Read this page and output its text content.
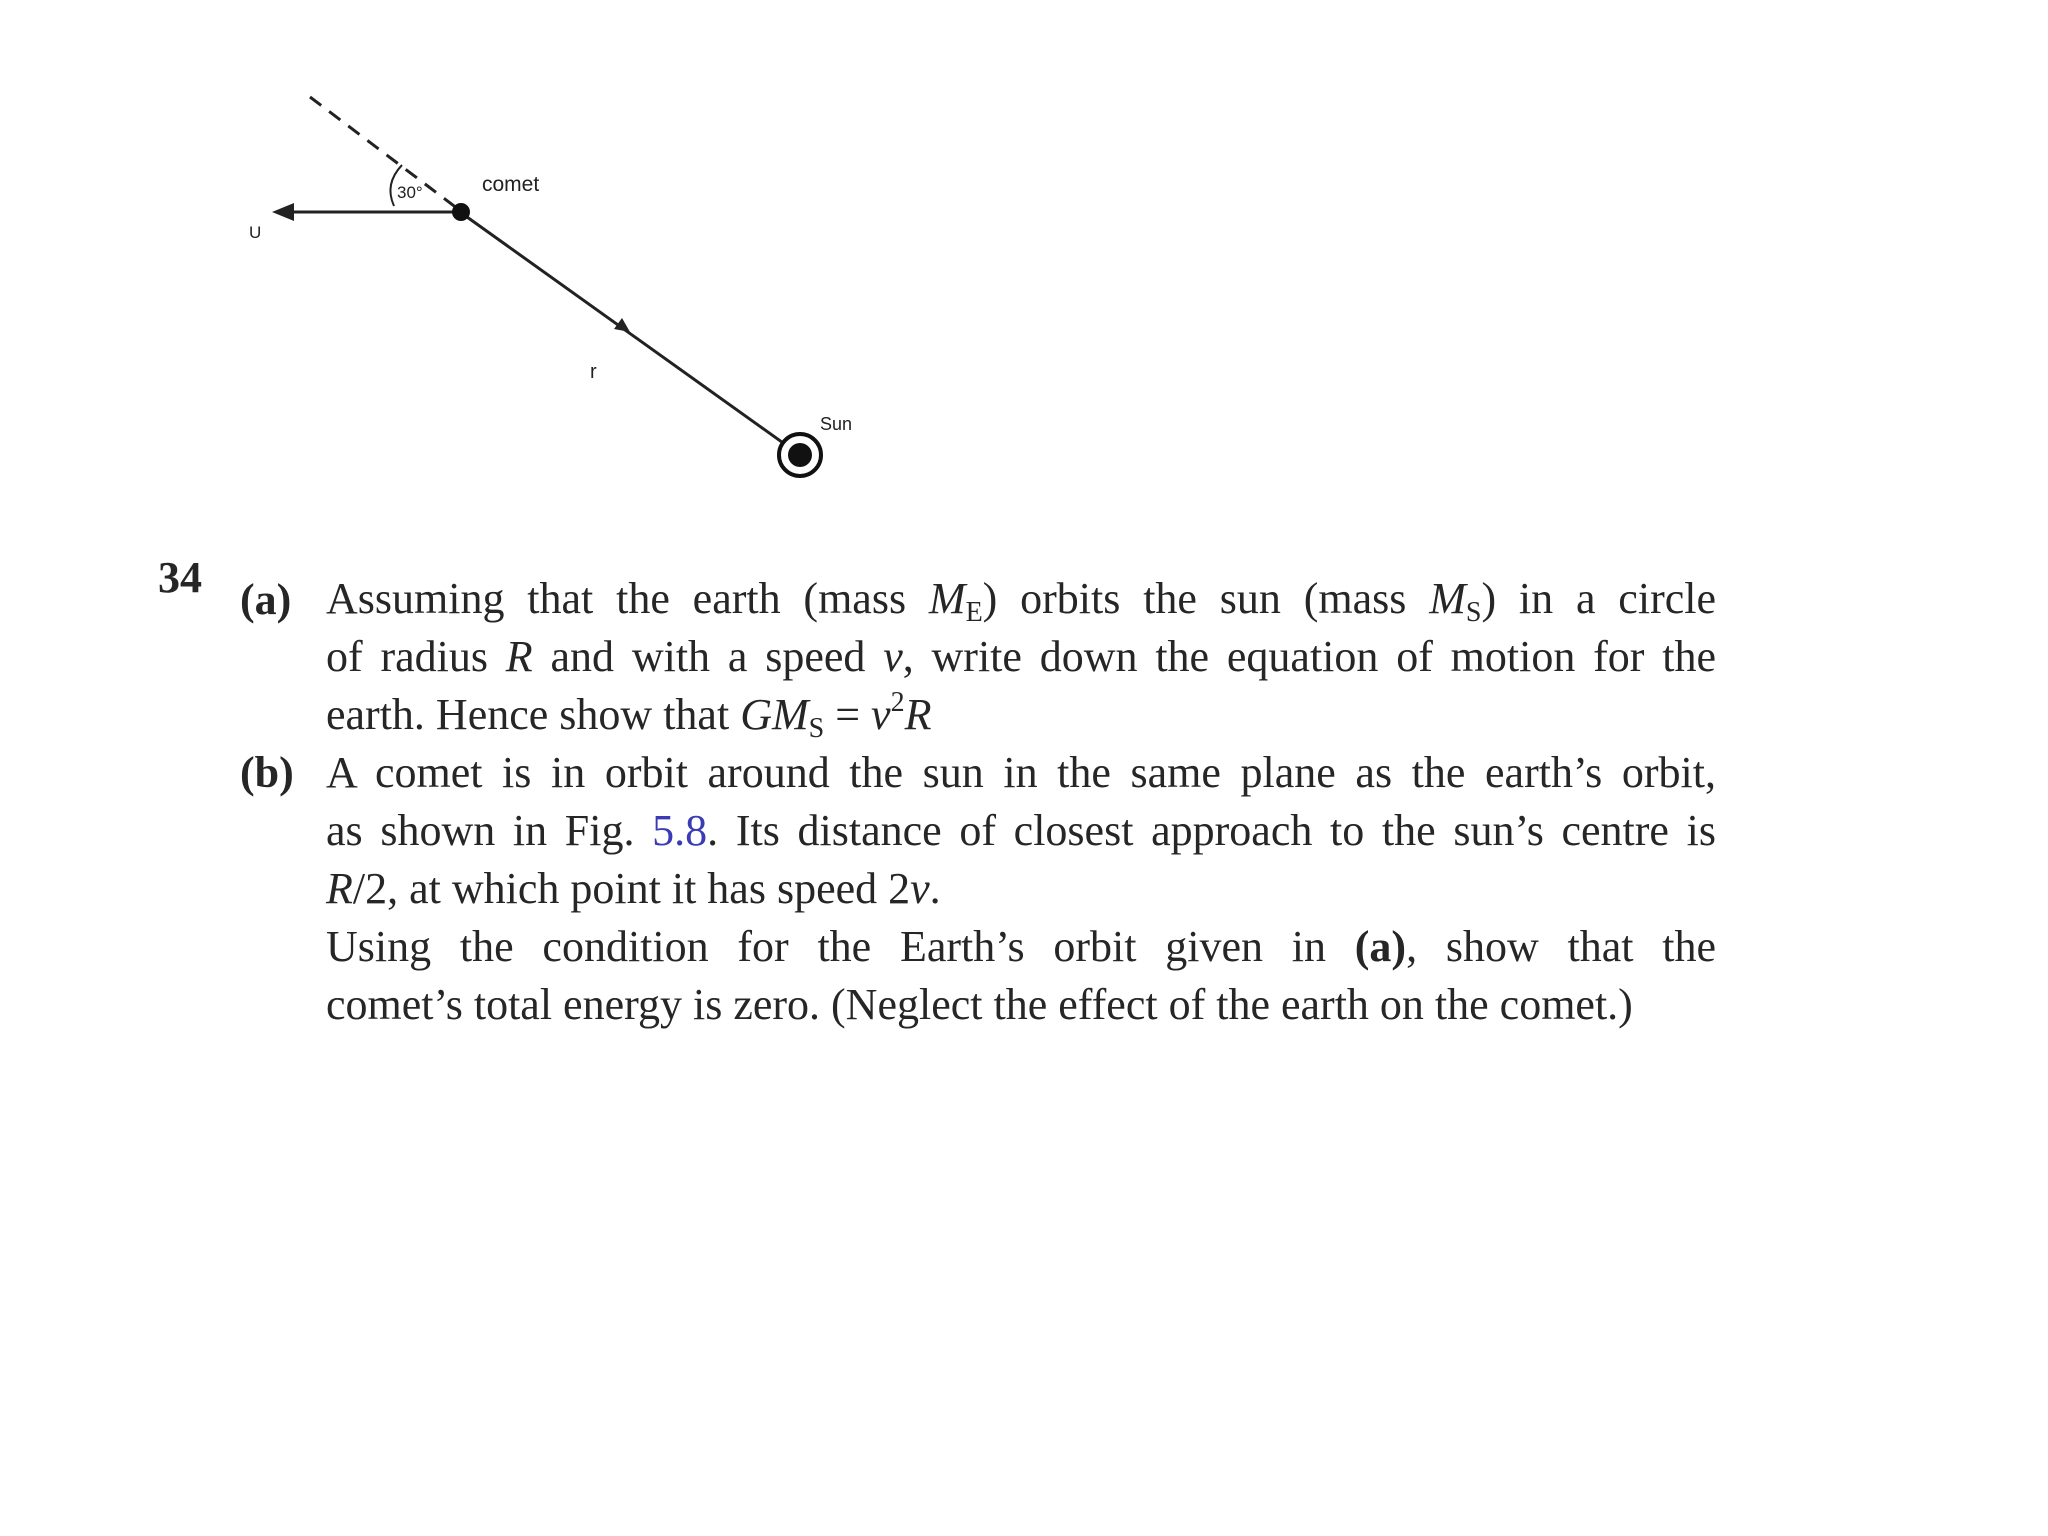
30°	comet
U
r
Sun
34 (a) Assuming that the earth (mass ME) orbits the sun (mass MS) in a circle
of radius R and with a speed v, write down the equation of motion for the
earth. Hence show that GMS = $v^2R$
(b) A comet is in orbit around the sun in the same plane as the earth’s orbit,
as shown in Fig. 5.8. Its distance of closest approach to the sun’s centre is
R/2, at which point it has speed 2v.
Using the condition for the Earth’s orbit given in (a), show that the
comet’s total energy is zero. (Neglect the effect of the earth on the comet.)
